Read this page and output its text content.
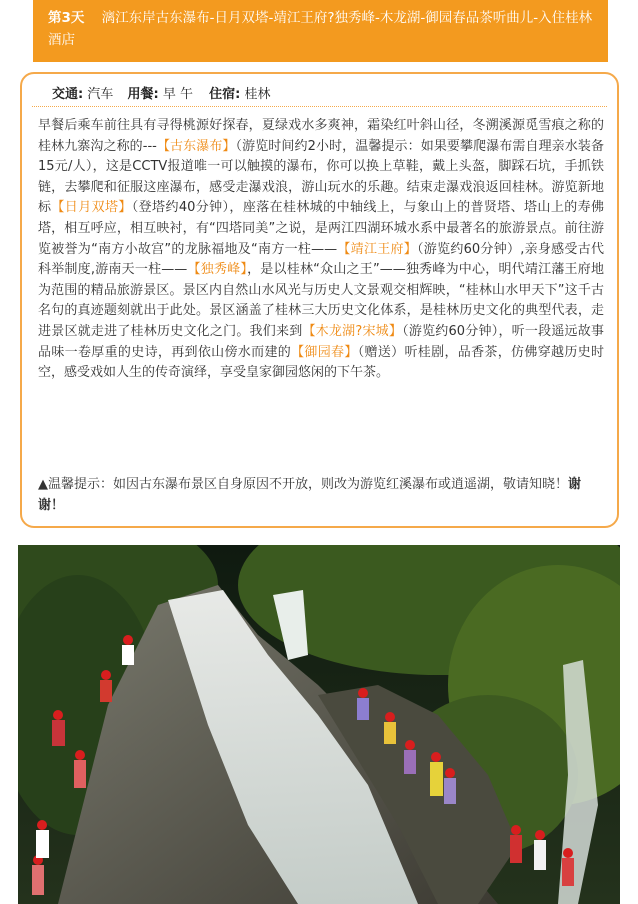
第3天 漓江东岸古东瀑布-日月双塔-靖江王府?独秀峰-木龙湖-御园春品茶听曲儿-入住桂林酒店
交通: 汽车 用餐: 早 午 住宿: 桂林
早餐后乘车前往具有寻得桃源好探春，夏绿戏水多爽神，霜染红叶斜山径，冬溯溪源觅雪痕之称的桂林九寨沟之称的---【古东瀑布】（游览时间约2小时，温馨提示：如果要攀爬瀑布需自理亲水装备15元/人），这是CCTV报道唯一可以触摸的瀑布，你可以换上草鞋，戴上头盔，脚踩石坑，手抓铁链，去攀爬和征服这座瀑布，感受走瀑戏浪，游山玩水的乐趣。结束走瀑戏浪返回桂林。游览新地标【日月双塔】（登塔约40分钟），座落在桂林城的中轴线上，与象山上的普贤塔、塔山上的寿佛塔，相互呼应，相互映衬，有“四塔同美”之说，是两江四湖环城水系中最著名的旅游景点。前往游览被誉为“南方小故宫”的龙脉福地及“南方一柱——【靖江王府】（游览约60分钟）,亲身感受古代科举制度,游南天一柱——【独秀峰】，是以桂林“众山之王”——独秀峰为中心，明代靖江藩王府地为范围的精品旅游景区。景区内自然山水风光与历史人文景观交相辉映，“桂林山水甲天下”这千古名句的真迹题刻就出于此处。景区涵盖了桂林三大历史文化体系，是桂林历史文化的典型代表，走进景区就走进了桂林历史文化之门。我们来到【木龙湖?宋城】（游览约60分钟），听一段遥远故事品味一卷厚重的史诗，再到依山傍水而建的【御园春】（赠送）听桂剧，品香茶，仿佛穿越历史时空，感受戏如人生的传奇演绎，享受皇家御园悠闲的下午茶。
▲温馨提示：如因古东瀑布景区自身原因不开放，则改为游览红溪瀑布或逍遥湖，敬请知晓！谢谢！
